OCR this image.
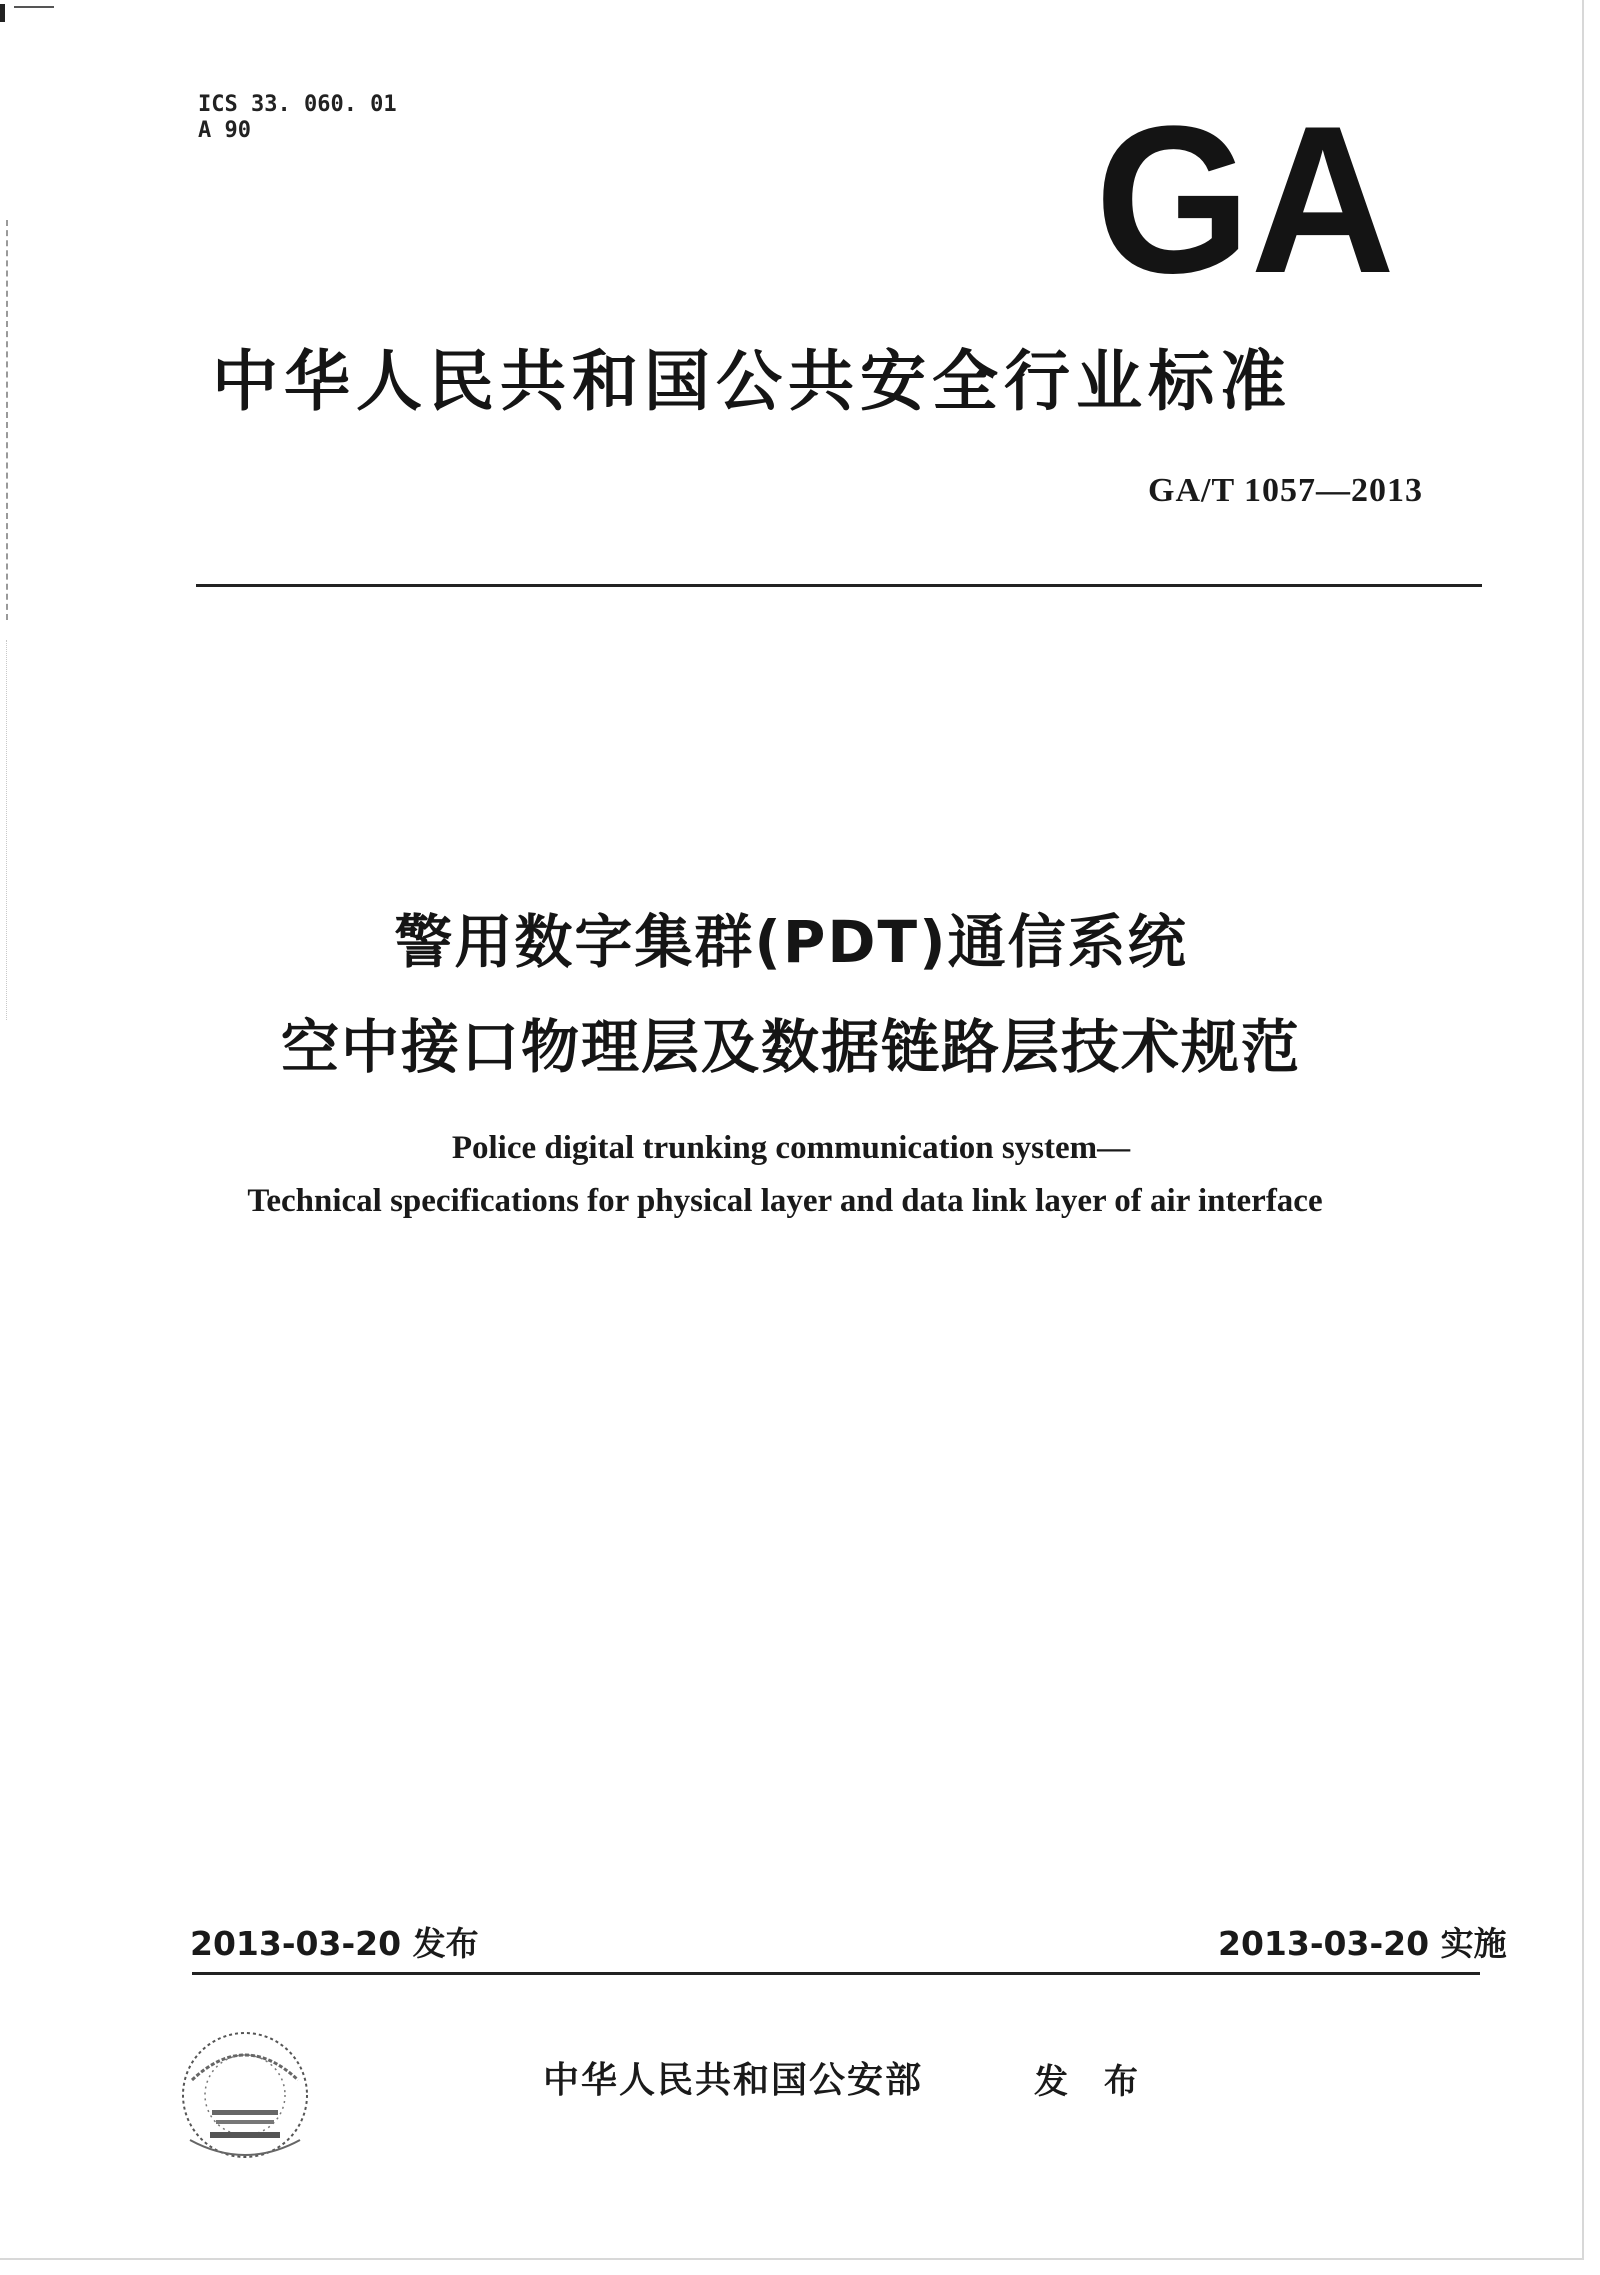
ICS 33. 060. 01
A 90	GA
中华人民共和国公共安全行业标准
GA/T 1057—2013
警用数字集群(PDT)通信系统
空中接口物理层及数据链路层技术规范
Police digital trunking communication system—
Technical specifications for physical layer and data link layer of air interface
2013-03-20 发布	2013-03-20 实施
中华人民共和国公安部	发 布
